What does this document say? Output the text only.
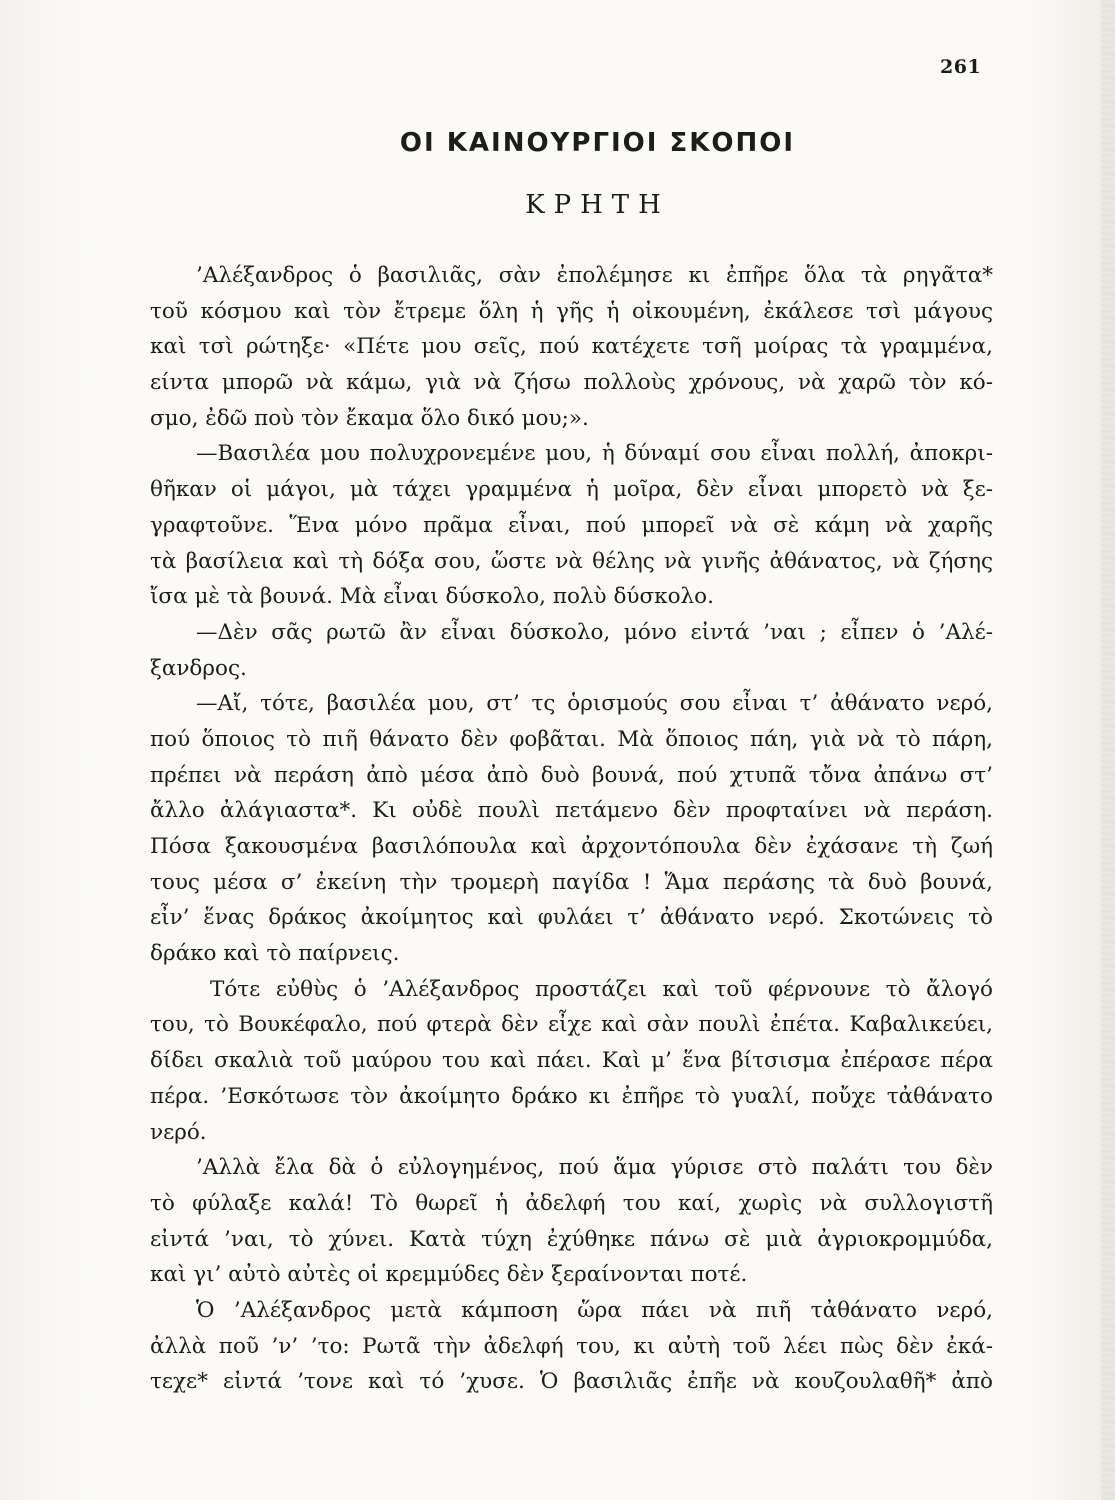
261
ΟΙ ΚΑΙΝΟΥΡΓΙΟΙ ΣΚΟΠΟΙ
ΚΡΗΤΗ
’Αλέξανδρος ὁ βασιλιᾶς, σὰν ἐπολέμησε κι ἐπῆρε ὅλα τὰ ρηγᾶτα*
τοῦ κόσμου καὶ τὸν ἔτρεμε ὅλη ἡ γῆς ἡ οἰκουμένη, ἐκάλεσε τσὶ μάγους
καὶ τσὶ ρώτηξε· «Πέτε μου σεῖς, πού κατέχετε τσῆ μοίρας τὰ γραμμένα,
είντα μπορῶ νὰ κάμω, γιὰ νὰ ζήσω πολλοὺς χρόνους, νὰ χαρῶ τὸν κό-
σμο, ἐδῶ ποὺ τὸν ἔκαμα ὅλο δικό μου;».
—Βασιλέα μου πολυχρονεμένε μου, ἡ δύναμί σου εἶναι πολλή, ἀποκρι-
θῆκαν οἱ μάγοι, μὰ τάχει γραμμένα ἡ μοῖρα, δὲν εἶναι μπορετὸ νὰ ξε-
γραφτοῦνε. Ἕνα μόνο πρᾶμα εἶναι, πού μπορεῖ νὰ σὲ κάμη νὰ χαρῆς
τὰ βασίλεια καὶ τὴ δόξα σου, ὥστε νὰ θέλης νὰ γινῆς ἀθάνατος, νὰ ζήσης
ἴσα μὲ τὰ βουνά. Μὰ εἶναι δύσκολο, πολὺ δύσκολο.
—Δὲν σᾶς ρωτῶ ἂν εἶναι δύσκολο, μόνο εἰντά ’ναι ; εἶπεν ὁ ’Αλέ-
ξανδρος.
—Αἴ, τότε, βασιλέα μου, στ’ τς ὁρισμούς σου εἶναι τ’ ἀθάνατο νερό,
πού ὅποιος τὸ πιῆ θάνατο δὲν φοβᾶται. Μὰ ὅποιος πάη, γιὰ νὰ τὸ πάρη,
πρέπει νὰ περάση ἀπὸ μέσα ἀπὸ δυὸ βουνά, πού χτυπᾶ τὄνα ἀπάνω στ’
ἄλλο ἀλάγιαστα*. Κι οὐδὲ πουλὶ πετάμενο δὲν προφταίνει νὰ περάση.
Πόσα ξακουσμένα βασιλόπουλα καὶ ἀρχοντόπουλα δὲν ἐχάσανε τὴ ζωή
τους μέσα σ’ ἐκείνη τὴν τρομερὴ παγίδα ! Ἅμα περάσης τὰ δυὸ βουνά,
εἶν’ ἕνας δράκος ἀκοίμητος καὶ φυλάει τ’ ἀθάνατο νερό. Σκοτώνεις τὸ
δράκο καὶ τὸ παίρνεις.
Τότε εὐθὺς ὁ ’Αλέξανδρος προστάζει καὶ τοῦ φέρνουνε τὸ ἄλογό
του, τὸ Βουκέφαλο, πού φτερὰ δὲν εἶχε καὶ σὰν πουλὶ ἐπέτα. Καβαλικεύει,
δίδει σκαλιὰ τοῦ μαύρου του καὶ πάει. Καὶ μ’ ἕνα βίτσισμα ἐπέρασε πέρα
πέρα. ’Εσκότωσε τὸν ἀκοίμητο δράκο κι ἐπῆρε τὸ γυαλί, ποὔχε τἀθάνατο
νερό.
’Αλλὰ ἔλα δὰ ὁ εὐλογημένος, πού ἅμα γύρισε στὸ παλάτι του δὲν
τὸ φύλαξε καλά! Τὸ θωρεῖ ἡ ἀδελφή του καί, χωρὶς νὰ συλλογιστῆ
εἰντά ’ναι, τὸ χύνει. Κατὰ τύχη ἐχύθηκε πάνω σὲ μιὰ ἀγριοκρομμύδα,
καὶ γι’ αὐτὸ αὐτὲς οἱ κρεμμύδες δὲν ξεραίνονται ποτέ.
Ὁ ’Αλέξανδρος μετὰ κάμποση ὥρα πάει νὰ πιῆ τἀθάνατο νερό,
ἀλλὰ ποῦ ’ν’ ’το: Ρωτᾶ τὴν ἀδελφή του, κι αὐτὴ τοῦ λέει πὼς δὲν ἐκά-
τεχε* εἰντά ’τονε καὶ τό ’χυσε. Ὁ βασιλιᾶς ἐπῆε νὰ κουζουλαθῆ* ἀπὸ
